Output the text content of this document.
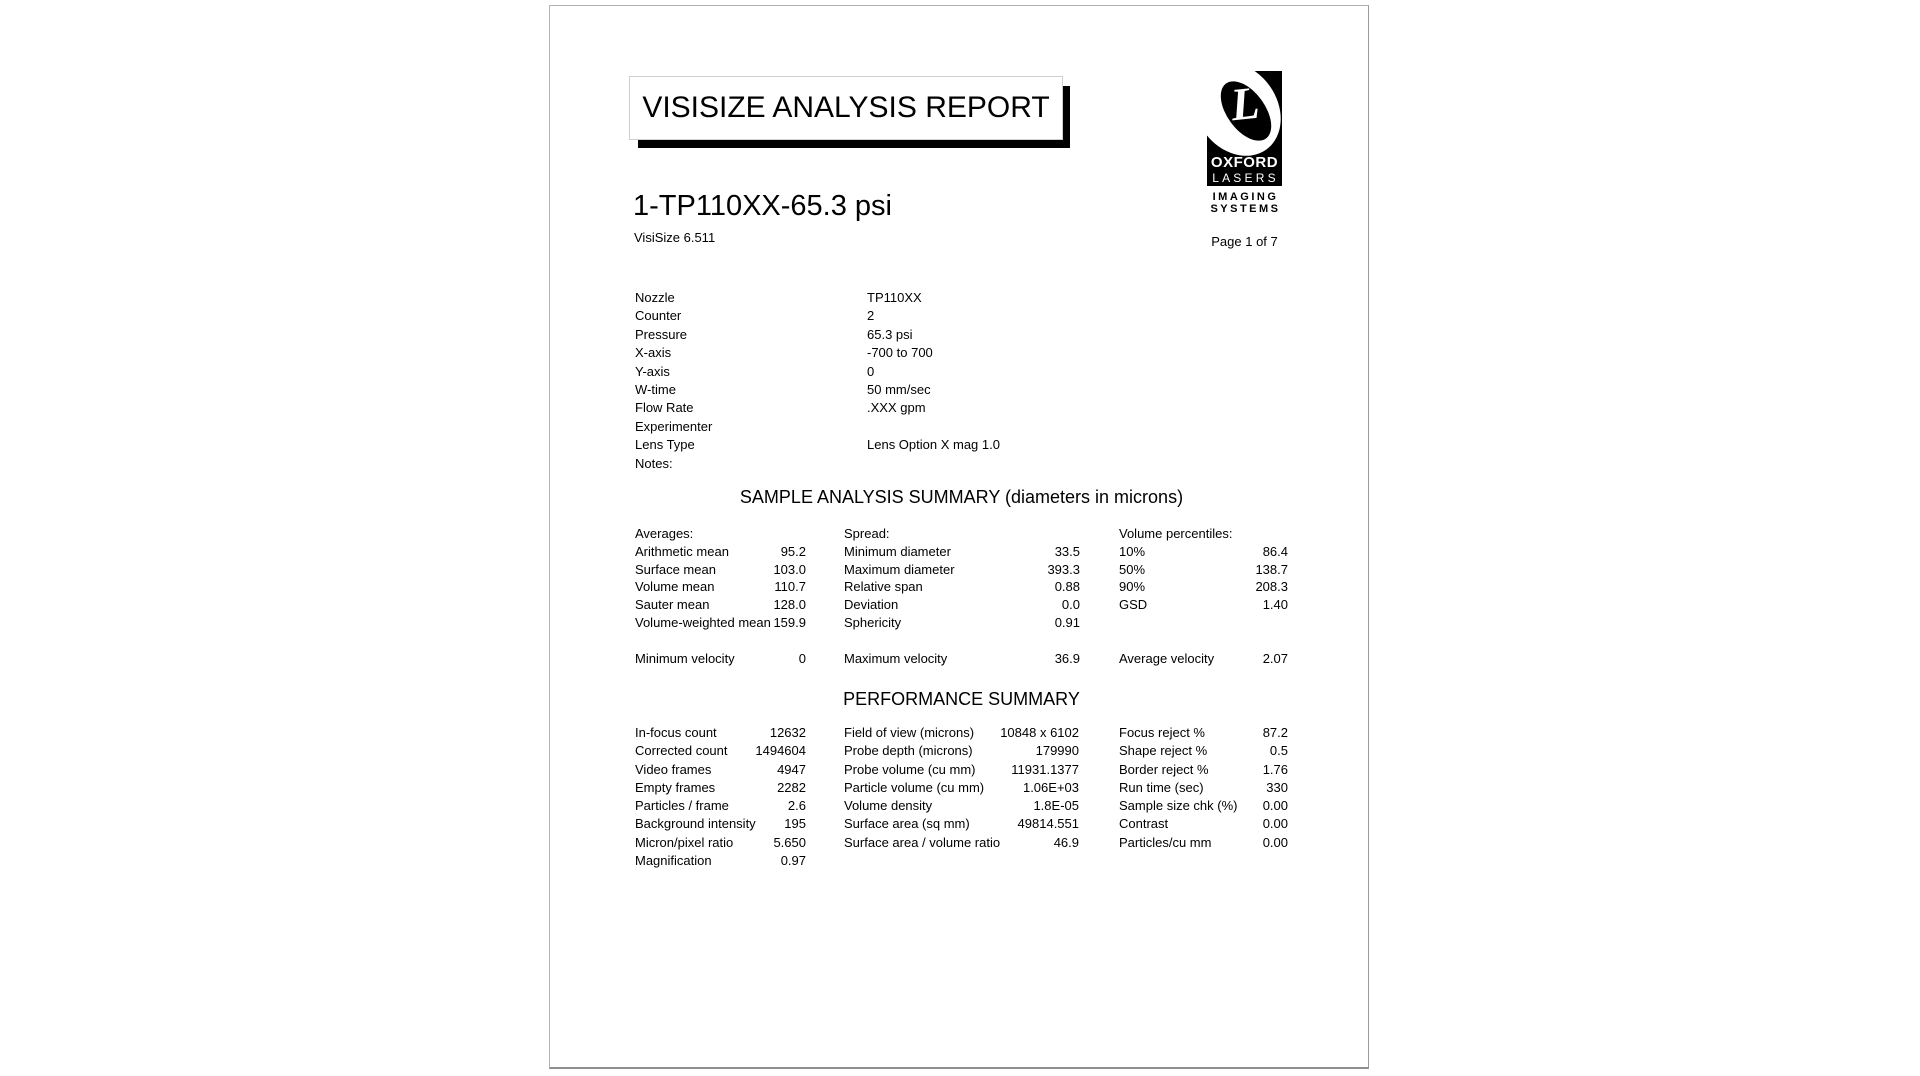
VISISIZE ANALYSIS REPORT	L
OXFORD
LASERS
IMAGING
SYSTEMS
Page 1 of 7
1-TP110XX-65.3 psi
VisiSize 6.511
Nozzle	TP110XX
Counter	2
Pressure	65.3 psi
X-axis	-700 to 700
Y-axis	0
W-time	50 mm/sec
Flow Rate	.XXX gpm
Experimenter
Lens Type	Lens Option X mag 1.0
Notes:
SAMPLE ANALYSIS SUMMARY (diameters in microns)
Averages:
Arithmetic mean	95.2
Surface mean	103.0
Volume mean	110.7
Sauter mean	128.0
Volume-weighted mean 159.9
Minimum velocity	0
Spread:
Minimum diameter	33.5
Maximum diameter	393.3
Relative span	0.88
Deviation	0.0
Sphericity	0.91
Maximum velocity	36.9
Volume percentiles:
10%	86.4
50%	138.7
90%	208.3
GSD	1.40
Average velocity	2.07
PERFORMANCE SUMMARY
In-focus count	12632
Corrected count 1494604
Video frames	4947
Empty frames	2282
Particles / frame	2.6
Background intensity 195
Micron/pixel ratio	5.650
Magnification	0.97
Field of view (microns) 10848 x 6102
Probe depth (microns)	179990
Probe volume (cu mm)	11931.1377
Particle volume (cu mm)	1.06E+03
Volume density	1.8E-05
Surface area (sq mm)	49814.551
Surface area / volume ratio	46.9
Focus reject %	87.2
Shape reject %	0.5
Border reject %	1.76
Run time (sec)	330
Sample size chk (%) 0.00
Contrast	0.00
Particles/cu mm	0.00
